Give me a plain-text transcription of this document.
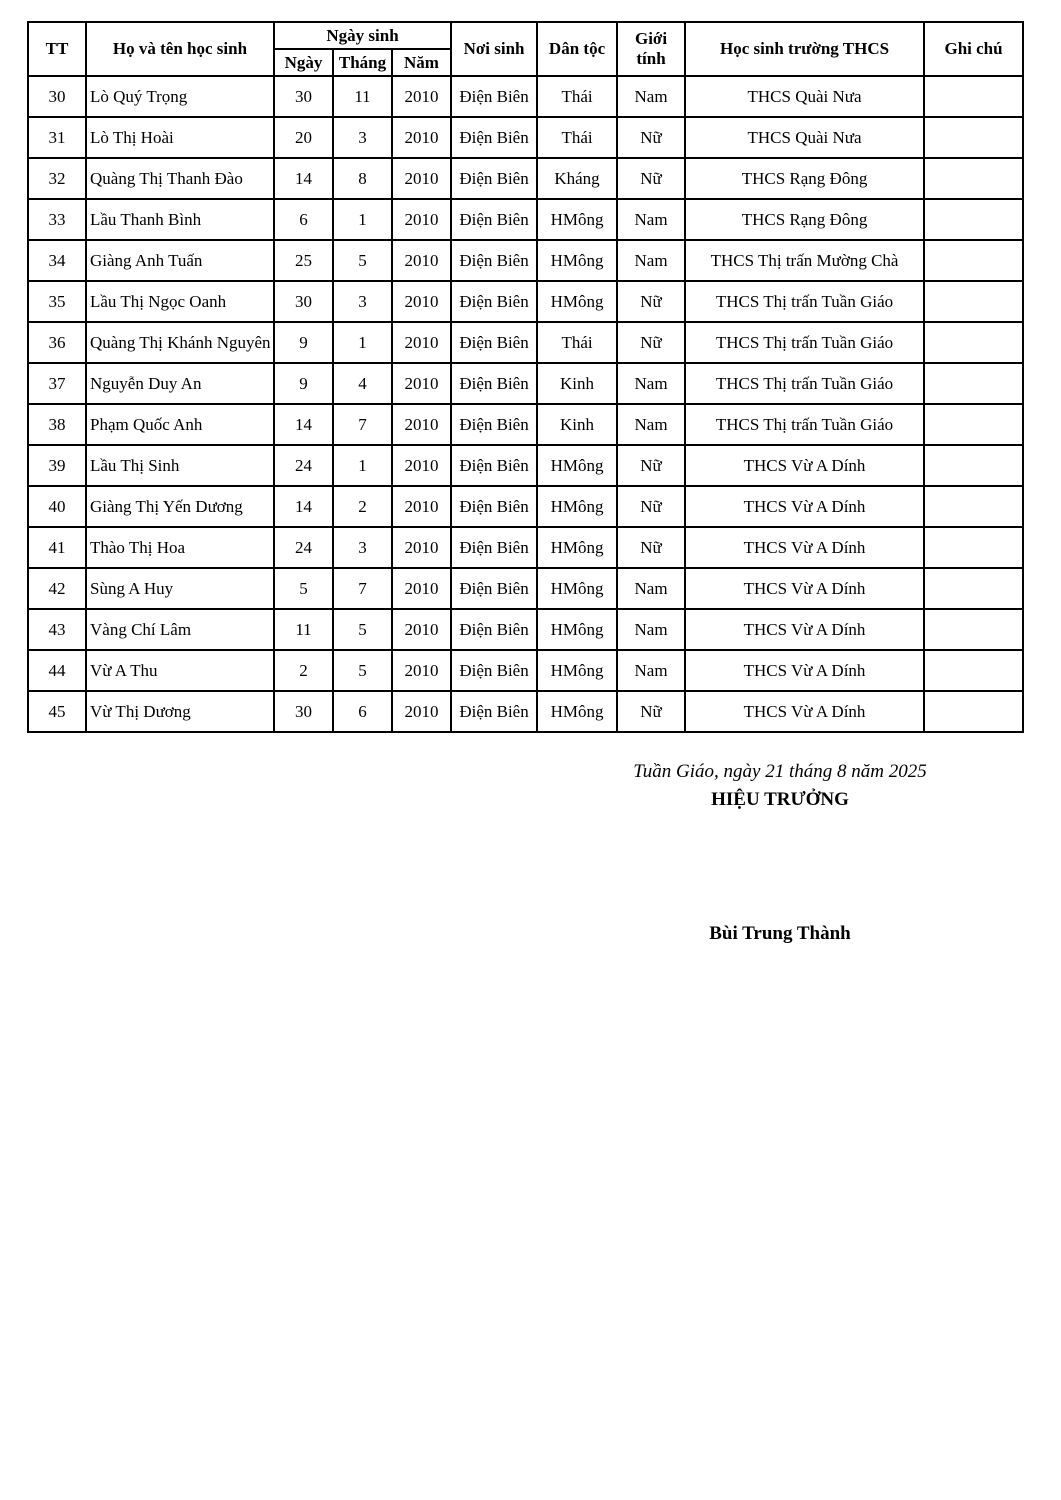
TT	Họ và tên học sinh	Ngày sinh			Nơi sinh	Dân tộc	Giới tính	Học sinh trường THCS	Ghi chú
		Ngày	Tháng	Năm					
30	Lò Quý Trọng	30	11	2010	Điện Biên	Thái	Nam	THCS Quài Nưa	
31	Lò Thị Hoài	20	3	2010	Điện Biên	Thái	Nữ	THCS Quài Nưa	
32	Quàng Thị Thanh Đào	14	8	2010	Điện Biên	Kháng	Nữ	THCS Rạng Đông	
33	Lầu Thanh Bình	6	1	2010	Điện Biên	HMông	Nam	THCS Rạng Đông	
34	Giàng Anh Tuấn	25	5	2010	Điện Biên	HMông	Nam	THCS Thị trấn Mường Chà	
35	Lầu Thị Ngọc Oanh	30	3	2010	Điện Biên	HMông	Nữ	THCS Thị trấn Tuần Giáo	
36	Quàng Thị Khánh Nguyên	9	1	2010	Điện Biên	Thái	Nữ	THCS Thị trấn Tuần Giáo	
37	Nguyễn Duy An	9	4	2010	Điện Biên	Kinh	Nam	THCS Thị trấn Tuần Giáo	
38	Phạm Quốc Anh	14	7	2010	Điện Biên	Kinh	Nam	THCS Thị trấn Tuần Giáo	
39	Lầu Thị Sinh	24	1	2010	Điện Biên	HMông	Nữ	THCS Vừ A Dính	
40	Giàng Thị Yến Dương	14	2	2010	Điện Biên	HMông	Nữ	THCS Vừ A Dính	
41	Thào Thị Hoa	24	3	2010	Điện Biên	HMông	Nữ	THCS Vừ A Dính	
42	Sùng A Huy	5	7	2010	Điện Biên	HMông	Nam	THCS Vừ A Dính	
43	Vàng Chí Lâm	11	5	2010	Điện Biên	HMông	Nam	THCS Vừ A Dính	
44	Vừ A Thu	2	5	2010	Điện Biên	HMông	Nam	THCS Vừ A Dính	
45	Vừ Thị Dương	30	6	2010	Điện Biên	HMông	Nữ	THCS Vừ A Dính	
Tuần Giáo, ngày 21 tháng 8 năm 2025
HIỆU TRƯỞNG
Bùi Trung Thành
